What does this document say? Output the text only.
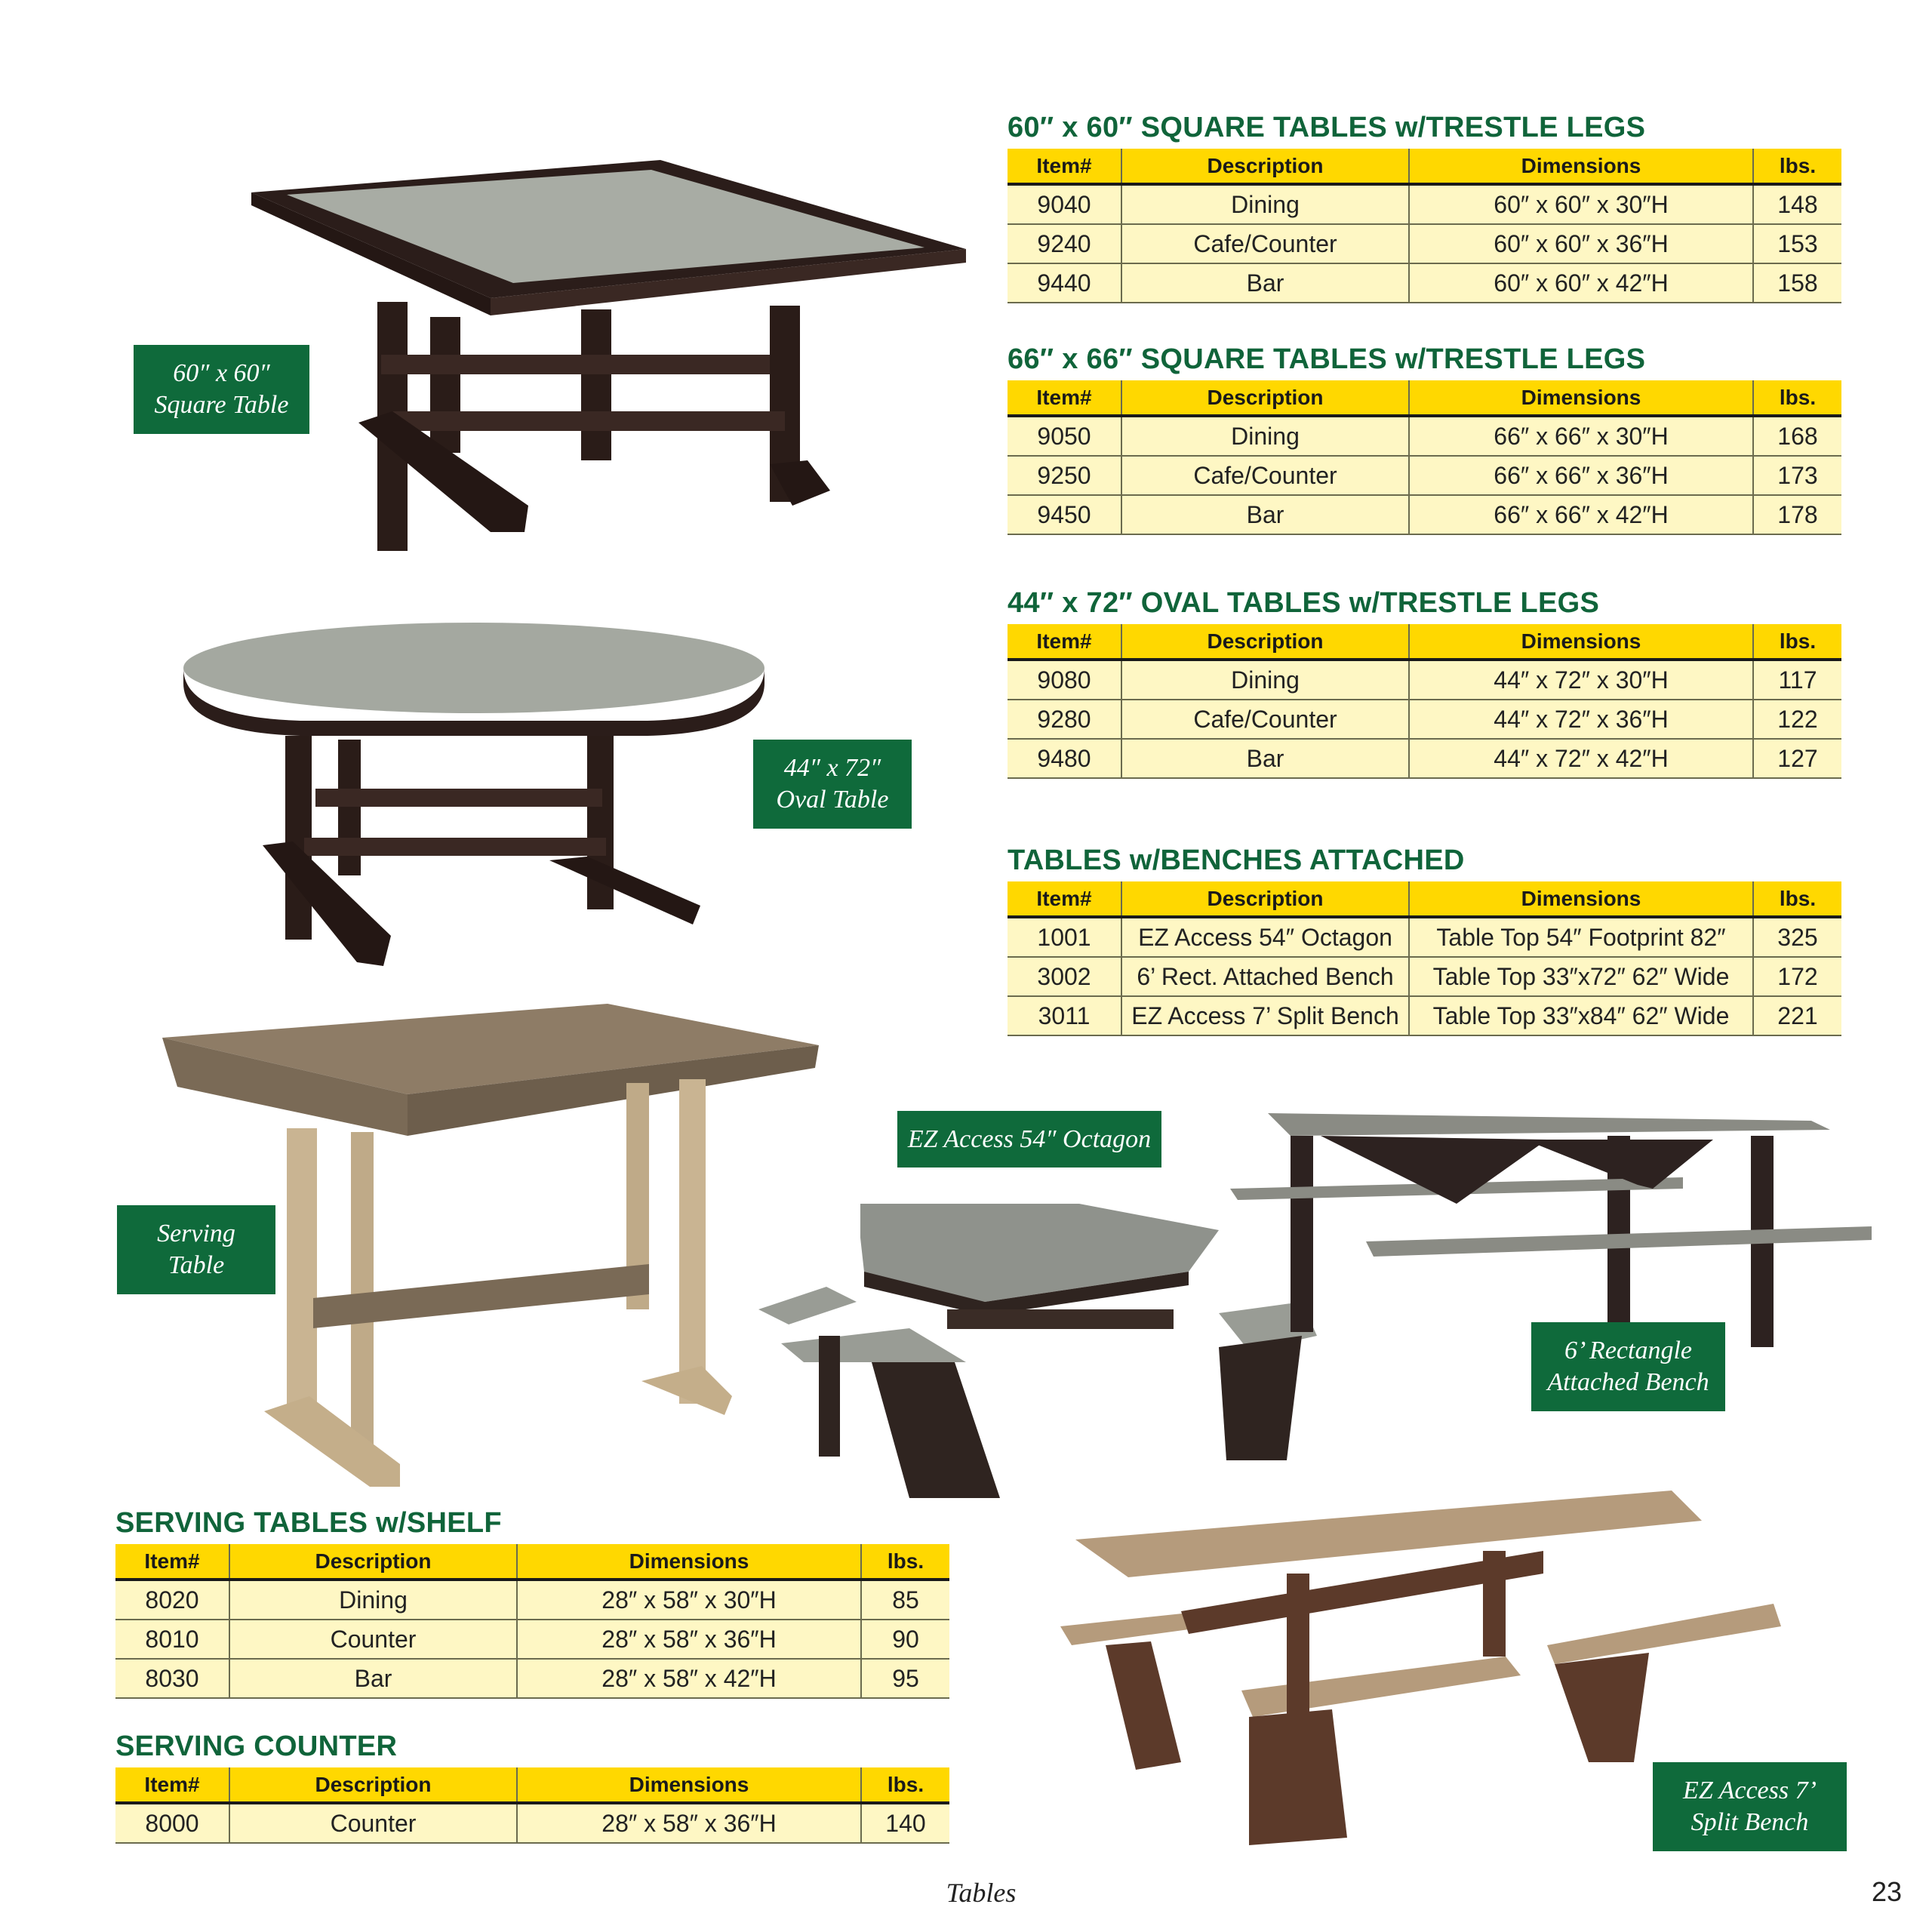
60″ x 60″ SQUARE TABLES w/TRESTLE LEGS
Item#	Description	Dimensions	lbs.
9040	Dining	60″ x 60″ x 30″H	148
9240	Cafe/Counter	60″ x 60″ x 36″H	153
9440	Bar	60″ x 60″ x 42″H	158
66″ x 66″ SQUARE TABLES w/TRESTLE LEGS
Item#	Description	Dimensions	lbs.
9050	Dining	66″ x 66″ x 30″H	168
9250	Cafe/Counter	66″ x 66″ x 36″H	173
9450	Bar	66″ x 66″ x 42″H	178
44″ x 72″ OVAL TABLES w/TRESTLE LEGS
Item#	Description	Dimensions	lbs.
9080	Dining	44″ x 72″ x 30″H	117
9280	Cafe/Counter	44″ x 72″ x 36″H	122
9480	Bar	44″ x 72″ x 42″H	127
TABLES w/BENCHES ATTACHED
Item#	Description	Dimensions	lbs.
1001	EZ Access 54″ Octagon	Table Top 54″ Footprint 82″	325
3002	6’ Rect. Attached Bench	Table Top 33″x72″ 62″ Wide	172
3011	EZ Access 7’ Split Bench	Table Top 33″x84″ 62″ Wide	221
SERVING TABLES w/SHELF
Item#	Description	Dimensions	lbs.
8020	Dining	28″ x 58″ x 30″H	85
8010	Counter	28″ x 58″ x 36″H	90
8030	Bar	28″ x 58″ x 42″H	95
SERVING COUNTER
Item#	Description	Dimensions	lbs.
8000	Counter	28″ x 58″ x 36″H	140
60″ x 60″
Square Table
44″ x 72″
Oval Table
Serving
Table
EZ Access 54″ Octagon
6’ Rectangle
Attached Bench
EZ Access 7’
Split Bench
Tables	23
